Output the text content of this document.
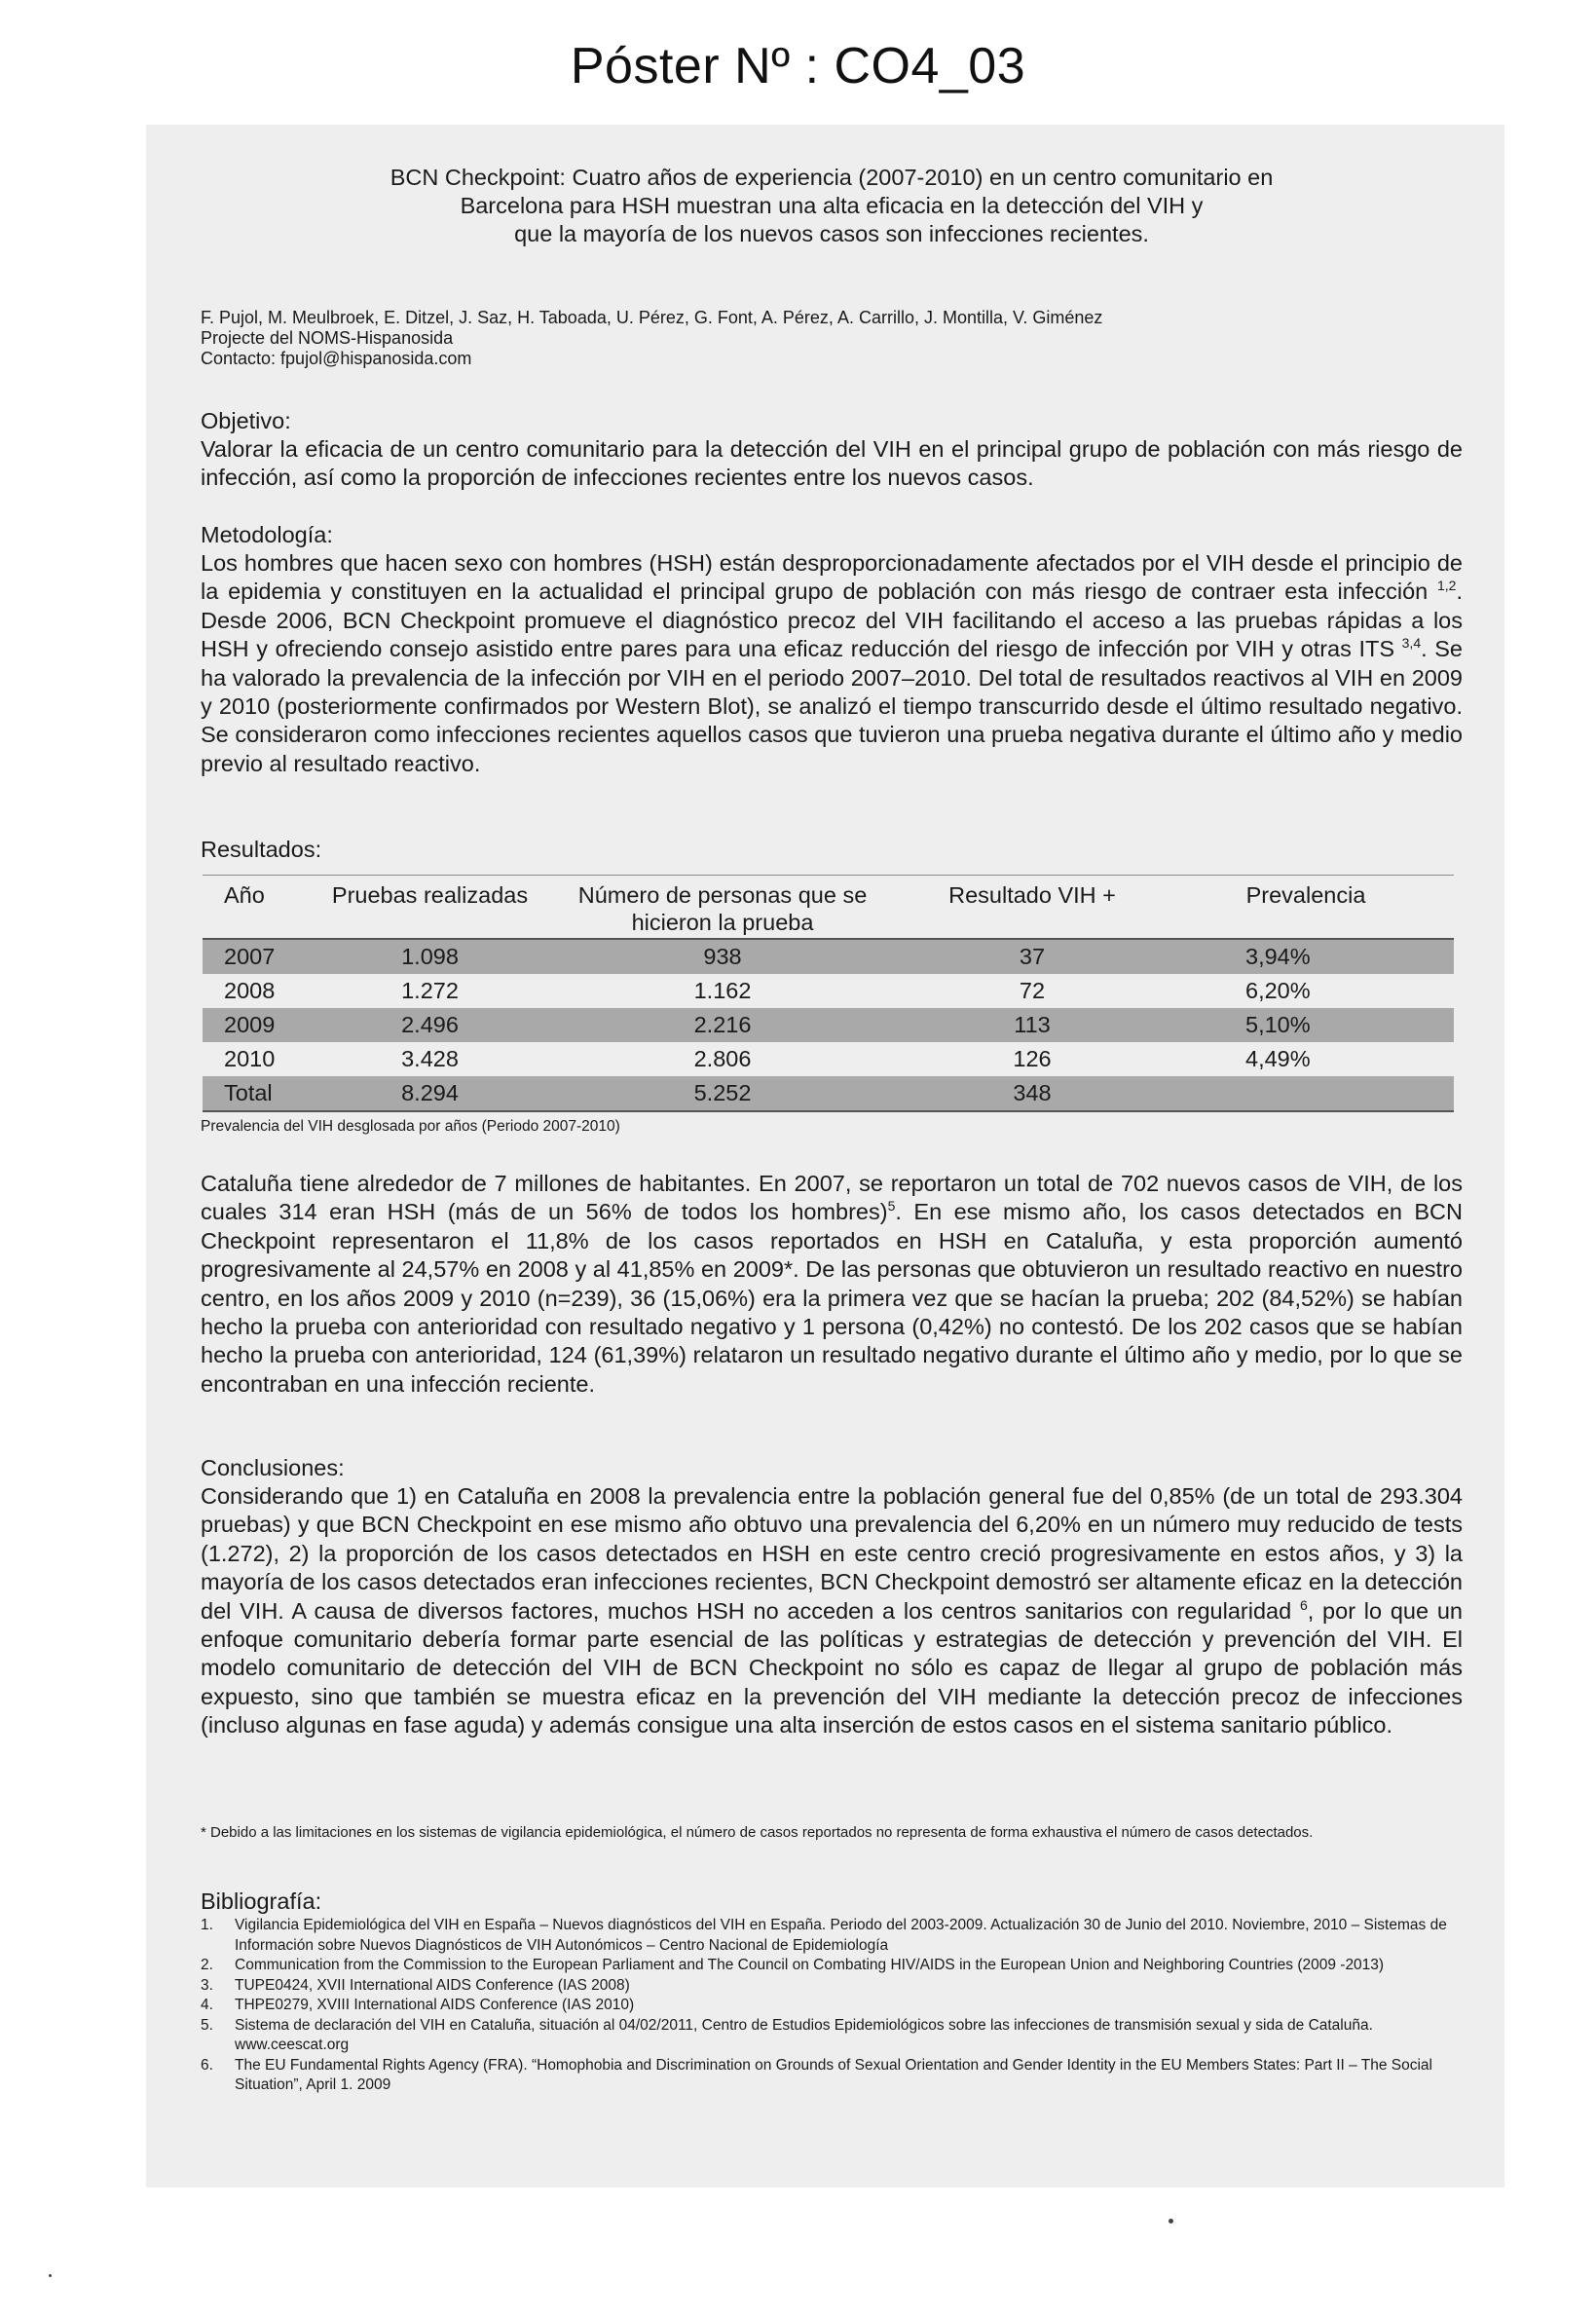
Póster Nº : CO4_03
BCN Checkpoint: Cuatro años de experiencia (2007-2010) en un centro comunitario en
Barcelona para HSH muestran una alta eficacia en la detección del VIH y
que la mayoría de los nuevos casos son infecciones recientes.
F. Pujol, M. Meulbroek, E. Ditzel, J. Saz, H. Taboada, U. Pérez, G. Font, A. Pérez, A. Carrillo, J. Montilla, V. Giménez
Projecte del NOMS-Hispanosida
Contacto: fpujol@hispanosida.com
Objetivo:
Valorar la eficacia de un centro comunitario para la detección del VIH en el principal grupo de población con más riesgo de infección, así como la proporción de infecciones recientes entre los nuevos casos.
Metodología:
Los hombres que hacen sexo con hombres (HSH) están desproporcionadamente afectados por el VIH desde el principio de la epidemia y constituyen en la actualidad el principal grupo de población con más riesgo de contraer esta infección $^{1,2}$. Desde 2006, BCN Checkpoint promueve el diagnóstico precoz del VIH facilitando el acceso a las pruebas rápidas a los HSH y ofreciendo consejo asistido entre pares para una eficaz reducción del riesgo de infección por VIH y otras ITS $^{3,4}$. Se ha valorado la prevalencia de la infección por VIH en el periodo 2007–2010. Del total de resultados reactivos al VIH en 2009 y 2010 (posteriormente confirmados por Western Blot), se analizó el tiempo transcurrido desde el último resultado negativo. Se consideraron como infecciones recientes aquellos casos que tuvieron una prueba negativa durante el último año y medio previo al resultado reactivo.
Resultados:
Año	Pruebas realizadas	Número de personas que se hicieron la prueba	Resultado VIH +	Prevalencia
2007	1.098	938	37	3,94%
2008	1.272	1.162	72	6,20%
2009	2.496	2.216	113	5,10%
2010	3.428	2.806	126	4,49%
Total	8.294	5.252	348	
Prevalencia del VIH desglosada por años (Periodo 2007-2010)
Cataluña tiene alrededor de 7 millones de habitantes. En 2007, se reportaron un total de 702 nuevos casos de VIH, de los cuales 314 eran HSH (más de un 56% de todos los hombres)$^5$. En ese mismo año, los casos detectados en BCN Checkpoint representaron el 11,8% de los casos reportados en HSH en Cataluña, y esta proporción aumentó progresivamente al 24,57% en 2008 y al 41,85% en 2009*. De las personas que obtuvieron un resultado reactivo en nuestro centro, en los años 2009 y 2010 (n=239), 36 (15,06%) era la primera vez que se hacían la prueba; 202 (84,52%) se habían hecho la prueba con anterioridad con resultado negativo y 1 persona (0,42%) no contestó. De los 202 casos que se habían hecho la prueba con anterioridad, 124 (61,39%) relataron un resultado negativo durante el último año y medio, por lo que se encontraban en una infección reciente.
Conclusiones:
Considerando que 1) en Cataluña en 2008 la prevalencia entre la población general fue del 0,85% (de un total de 293.304 pruebas) y que BCN Checkpoint en ese mismo año obtuvo una prevalencia del 6,20% en un número muy reducido de tests (1.272), 2) la proporción de los casos detectados en HSH en este centro creció progresivamente en estos años, y 3) la mayoría de los casos detectados eran infecciones recientes, BCN Checkpoint demostró ser altamente eficaz en la detección del VIH. A causa de diversos factores, muchos HSH no acceden a los centros sanitarios con regularidad $^6$, por lo que un enfoque comunitario debería formar parte esencial de las políticas y estrategias de detección y prevención del VIH. El modelo comunitario de detección del VIH de BCN Checkpoint no sólo es capaz de llegar al grupo de población más expuesto, sino que también se muestra eficaz en la prevención del VIH mediante la detección precoz de infecciones (incluso algunas en fase aguda) y además consigue una alta inserción de estos casos en el sistema sanitario público.
* Debido a las limitaciones en los sistemas de vigilancia epidemiológica, el número de casos reportados no representa de forma exhaustiva el número de casos detectados.
Bibliografía:
1. Vigilancia Epidemiológica del VIH en España – Nuevos diagnósticos del VIH en España. Periodo del 2003-2009. Actualización 30 de Junio del 2010. Noviembre, 2010 – Sistemas de Información sobre Nuevos Diagnósticos de VIH Autonómicos – Centro Nacional de Epidemiología
2. Communication from the Commission to the European Parliament and The Council on Combating HIV/AIDS in the European Union and Neighboring Countries (2009 -2013)
3. TUPE0424, XVII International AIDS Conference (IAS 2008)
4. THPE0279, XVIII International AIDS Conference (IAS 2010)
5. Sistema de declaración del VIH en Cataluña, situación al 04/02/2011, Centro de Estudios Epidemiológicos sobre las infecciones de transmisión sexual y sida de Cataluña. www.ceescat.org
6. The EU Fundamental Rights Agency (FRA). “Homophobia and Discrimination on Grounds of Sexual Orientation and Gender Identity in the EU Members States: Part II – The Social Situation”, April 1. 2009
